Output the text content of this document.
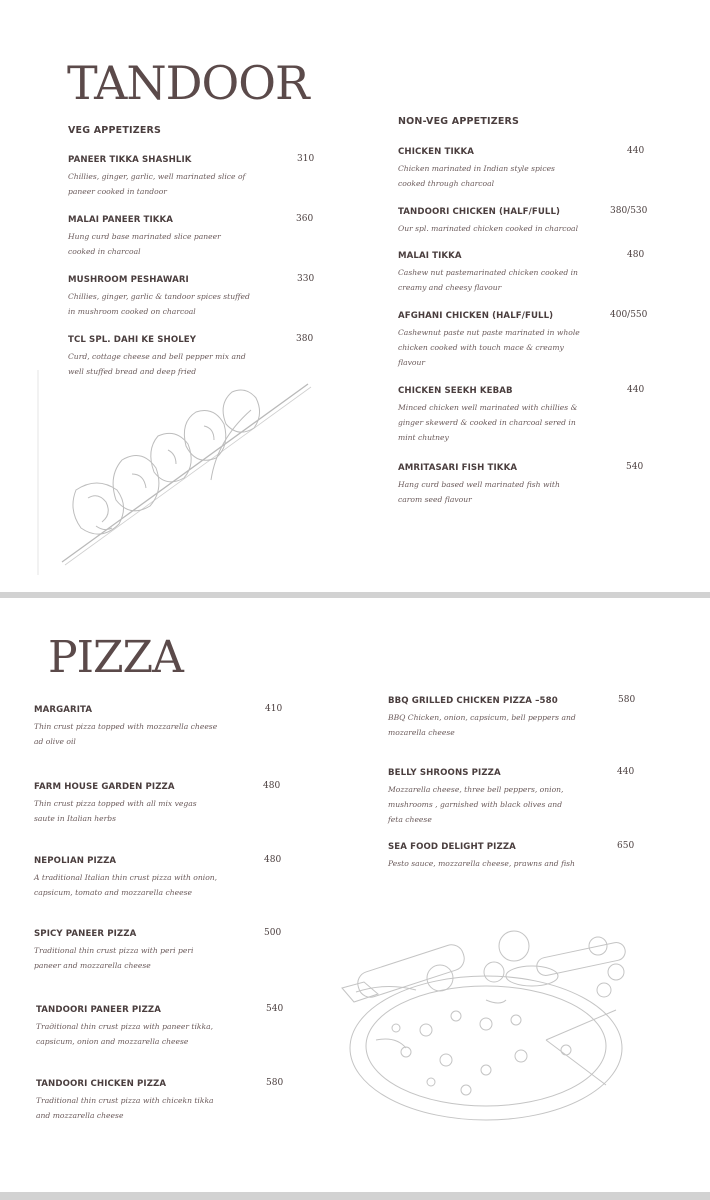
TANDOOR
VEG APPETIZERS
NON-VEG APPETIZERS
PANEER TIKKA SHASHLIK
Chillies, ginger, garlic, well marinated slice of paneer cooked in tandoor
310
MALAI PANEER TIKKA
Hung curd base marinated slice paneer cooked in charcoal
360
MUSHROOM PESHAWARI
Chillies, ginger, garlic & tandoor spices stuffed in mushroom cooked on charcoal
330
TCL SPL. DAHI KE SHOLEY
Curd, cottage cheese and bell pepper mix and well stuffed bread and deep fried
380
CHICKEN TIKKA
Chicken marinated in Indian style spices cooked through charcoal
440
TANDOORI CHICKEN (HALF/FULL)
Our spl. marinated chicken cooked in charcoal
380/530
MALAI TIKKA
Cashew nut pastemarinated chicken cooked in creamy and cheesy flavour
480
AFGHANI CHICKEN (HALF/FULL)
Cashewnut paste nut paste marinated in whole chicken cooked with touch mace & creamy flavour
400/550
CHICKEN SEEKH KEBAB
Minced chicken well marinated with chillies & ginger skewerd & cooked in charcoal sered in mint chutney
440
AMRITASARI FISH TIKKA
Hang curd based well marinated fish with carom seed flavour
540
PIZZA
MARGARITA
Thin crust pizza topped with mozzarella cheese ad olive oil
410
FARM HOUSE GARDEN PIZZA
Thin crust pizza topped with all mix vegas saute in Italian herbs
480
NEPOLIAN PIZZA
A traditional Italian thin crust pizza with onion, capsicum, tomato and mozzarella cheese
480
SPICY PANEER PIZZA
Traditional thin crust pizza with peri peri paneer and mozzarella cheese
500
TANDOORI PANEER PIZZA
Trадitional thin crust pizza with paneer tikka, capsicum, onion and mozzarella cheese
540
TANDOORI CHICKEN PIZZA
Traditional thin crust pizza with chicekn tikka and mozzarella cheese
580
BBQ GRILLED CHICKEN PIZZA –580
BBQ Chicken, onion, capsicum, bell peppers and mozarella cheese
580
BELLY SHROONS PIZZA
Mozzarella cheese, three bell peppers, onion, mushrooms , garnished with black olives and feta cheese
440
SEA FOOD DELIGHT PIZZA
Pesto sauce, mozzarella cheese, prawns and fish
650
